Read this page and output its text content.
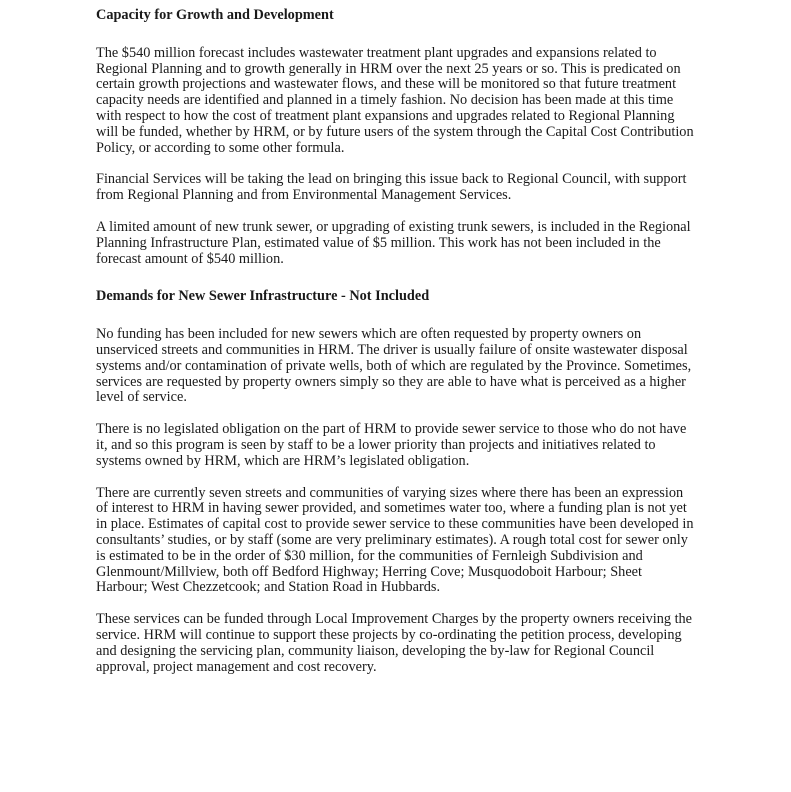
Capacity for Growth and Development

The $540 million forecast includes wastewater treatment plant upgrades and expansions related to Regional Planning and to growth generally in HRM over the next 25 years or so. This is predicated on certain growth projections and wastewater flows, and these will be monitored so that future treatment capacity needs are identified and planned in a timely fashion. No decision has been made at this time with respect to how the cost of treatment plant expansions and upgrades related to Regional Planning will be funded, whether by HRM, or by future users of the system through the Capital Cost Contribution Policy, or according to some other formula.

Financial Services will be taking the lead on bringing this issue back to Regional Council, with support from Regional Planning and from Environmental Management Services.

A limited amount of new trunk sewer, or upgrading of existing trunk sewers, is included in the Regional Planning Infrastructure Plan, estimated value of $5 million. This work has not been included in the forecast amount of $540 million.

Demands for New Sewer Infrastructure - Not Included

No funding has been included for new sewers which are often requested by property owners on unserviced streets and communities in HRM. The driver is usually failure of onsite wastewater disposal systems and/or contamination of private wells, both of which are regulated by the Province. Sometimes, services are requested by property owners simply so they are able to have what is perceived as a higher level of service.

There is no legislated obligation on the part of HRM to provide sewer service to those who do not have it, and so this program is seen by staff to be a lower priority than projects and initiatives related to systems owned by HRM, which are HRM’s legislated obligation.

There are currently seven streets and communities of varying sizes where there has been an expression of interest to HRM in having sewer provided, and sometimes water too, where a funding plan is not yet in place. Estimates of capital cost to provide sewer service to these communities have been developed in consultants’ studies, or by staff (some are very preliminary estimates). A rough total cost for sewer only is estimated to be in the order of $30 million, for the communities of Fernleigh Subdivision and Glenmount/Millview, both off Bedford Highway; Herring Cove; Musquodoboit Harbour; Sheet Harbour; West Chezzetcook; and Station Road in Hubbards.

These services can be funded through Local Improvement Charges by the property owners receiving the service. HRM will continue to support these projects by co-ordinating the petition process, developing and designing the servicing plan, community liaison, developing the by-law for Regional Council approval, project management and cost recovery.
